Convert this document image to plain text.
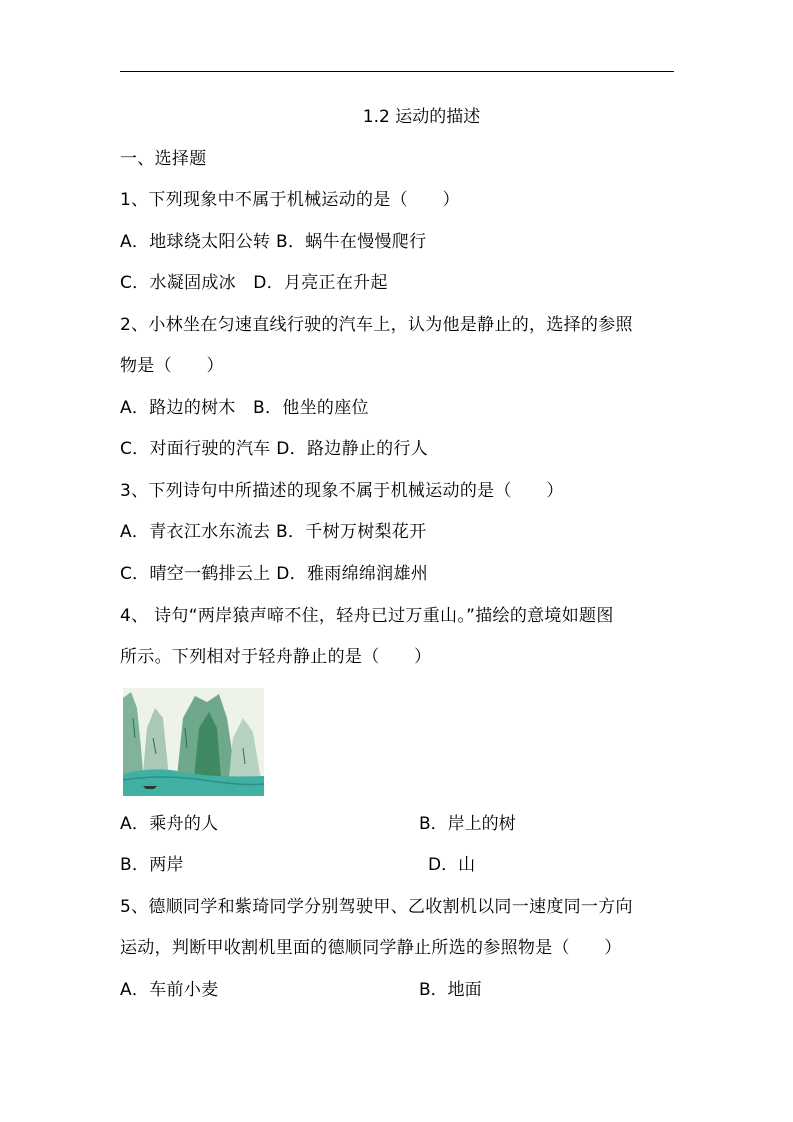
1.2 运动的描述
一、选择题
1、下列现象中不属于机械运动的是（　　）
A．地球绕太阳公转 B．蜗牛在慢慢爬行
C．水凝固成冰　D．月亮正在升起
2、小林坐在匀速直线行驶的汽车上，认为他是静止的，选择的参照
物是（　　）
A．路边的树木　B．他坐的座位
C．对面行驶的汽车 D．路边静止的行人
3、下列诗句中所描述的现象不属于机械运动的是（　　）
A．青衣江水东流去 B．千树万树梨花开
C．晴空一鹤排云上 D．雅雨绵绵润雄州
4、 诗句“两岸猿声啼不住，轻舟已过万重山。”描绘的意境如题图
所示。下列相对于轻舟静止的是（　　）
A．乘舟的人	B．岸上的树
B．两岸	D．山
5、德顺同学和紫琦同学分别驾驶甲、乙收割机以同一速度同一方向
运动，判断甲收割机里面的德顺同学静止所选的参照物是（　　）
A．车前小麦	B．地面
